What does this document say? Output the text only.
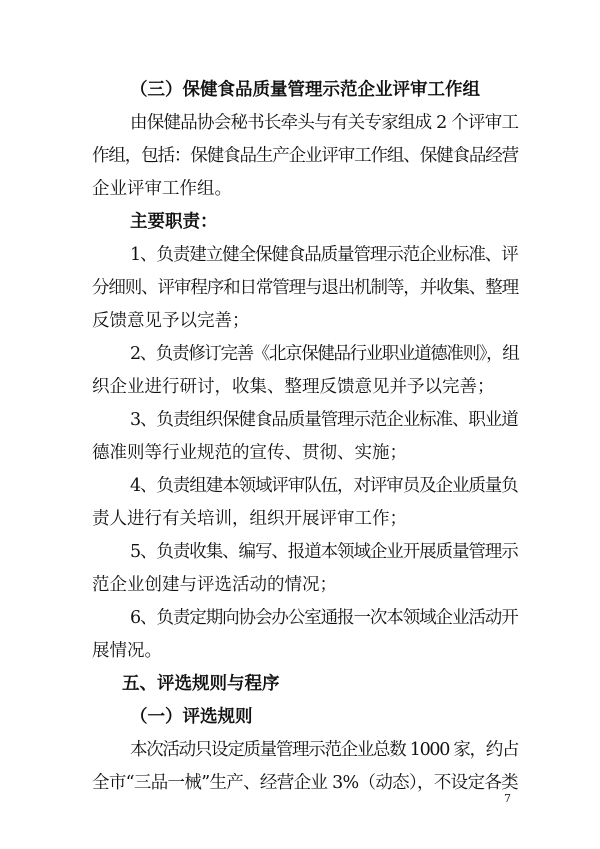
（三）保健食品质量管理示范企业评审工作组
由保健品协会秘书长牵头与有关专家组成 2 个评审工
作组，包括：保健食品生产企业评审工作组、保健食品经营
企业评审工作组。
主要职责：
1、负责建立健全保健食品质量管理示范企业标准、评
分细则、评审程序和日常管理与退出机制等，并收集、整理
反馈意见予以完善；
2、负责修订完善《北京保健品行业职业道德准则》，组
织企业进行研讨，收集、整理反馈意见并予以完善；
3、负责组织保健食品质量管理示范企业标准、职业道
德准则等行业规范的宣传、贯彻、实施；
4、负责组建本领域评审队伍，对评审员及企业质量负
责人进行有关培训，组织开展评审工作；
5、负责收集、编写、报道本领域企业开展质量管理示
范企业创建与评选活动的情况；
6、负责定期向协会办公室通报一次本领域企业活动开
展情况。
五、评选规则与程序
（一）评选规则
本次活动只设定质量管理示范企业总数 1000 家，约占
全市“三品一械”生产、经营企业 3%（动态），不设定各类
7
